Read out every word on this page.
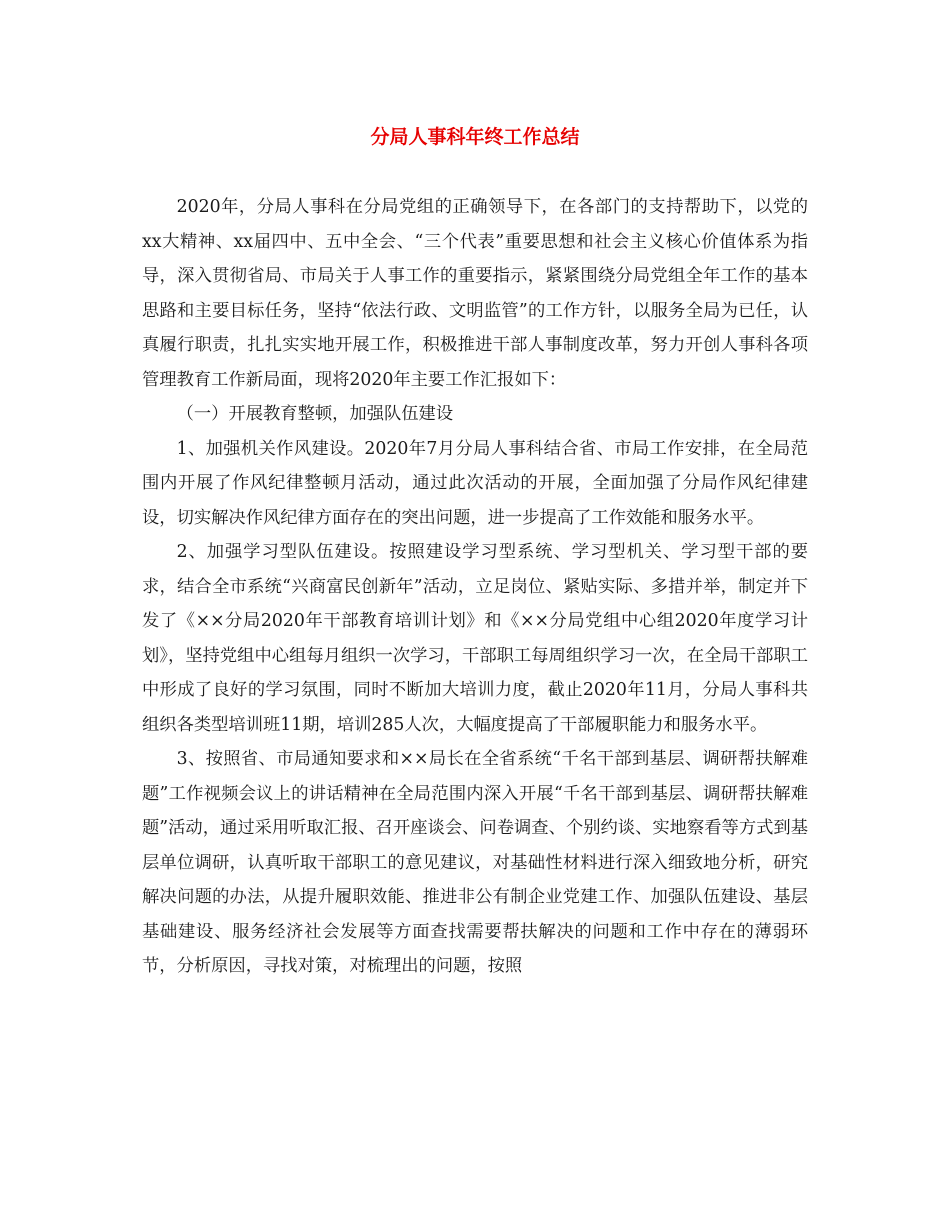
分局人事科年终工作总结

2020年，分局人事科在分局党组的正确领导下，在各部门的支持帮助下，以党的xx大精神、xx届四中、五中全会、“三个代表”重要思想和社会主义核心价值体系为指导，深入贯彻省局、市局关于人事工作的重要指示，紧紧围绕分局党组全年工作的基本思路和主要目标任务，坚持“依法行政、文明监管”的工作方针，以服务全局为已任，认真履行职责，扎扎实实地开展工作，积极推进干部人事制度改革，努力开创人事科各项管理教育工作新局面，现将2020年主要工作汇报如下：

（一）开展教育整顿，加强队伍建设

1、加强机关作风建设。2020年7月分局人事科结合省、市局工作安排，在全局范围内开展了作风纪律整顿月活动，通过此次活动的开展，全面加强了分局作风纪律建设，切实解决作风纪律方面存在的突出问题，进一步提高了工作效能和服务水平。

2、加强学习型队伍建设。按照建设学习型系统、学习型机关、学习型干部的要求，结合全市系统“兴商富民创新年”活动，立足岗位、紧贴实际、多措并举，制定并下发了《××分局2020年干部教育培训计划》和《××分局党组中心组2020年度学习计划》，坚持党组中心组每月组织一次学习，干部职工每周组织学习一次，在全局干部职工中形成了良好的学习氛围，同时不断加大培训力度，截止2020年11月，分局人事科共组织各类型培训班11期，培训285人次，大幅度提高了干部履职能力和服务水平。

3、按照省、市局通知要求和××局长在全省系统“千名干部到基层、调研帮扶解难题”工作视频会议上的讲话精神在全局范围内深入开展“千名干部到基层、调研帮扶解难题”活动，通过采用听取汇报、召开座谈会、问卷调查、个别约谈、实地察看等方式到基层单位调研，认真听取干部职工的意见建议，对基础性材料进行深入细致地分析，研究解决问题的办法，从提升履职效能、推进非公有制企业党建工作、加强队伍建设、基层基础建设、服务经济社会发展等方面查找需要帮扶解决的问题和工作中存在的薄弱环节，分析原因，寻找对策，对梳理出的问题，按照
